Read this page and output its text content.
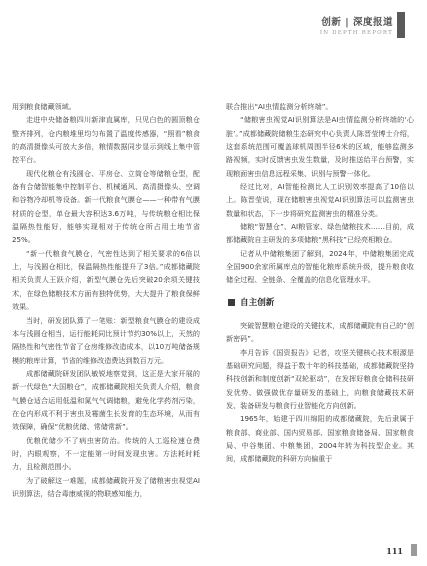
创新 | 深度报道
IN DEPTH REPORT

用到粮食储藏领域。

走进中央储备粮四川新津直属库，只见白色的圆顶粮仓整齐排列，仓内粮堆里均匀布置了温度传感器，“照看”粮食的高清摄像头可放大多倍，粮情数据同步显示到线上集中管控平台。

现代化粮仓有浅圆仓、平房仓、立筒仓等储粮仓型，配备有合储智能集中控制平台、机械通风、高清摄像头、空调和谷物冷却机等设备。新一代粮食气膜仓——一种带有气膜材质的仓型，单仓最大容积达3.6万吨，与传统粮仓相比保温隔热性能好，能够实现相对于传统仓所占用土地节省25%。

“新一代粮食气膜仓，气密性达到了相关要求的6倍以上，与浅圆仓相比，保温隔热性能提升了3倍。”成都储藏院相关负责人王跃介绍，新型气膜仓先后突破20余项关键技术，在绿色储粮技术方面有独特优势，大大提升了粮食保鲜效果。

当时，研发团队算了一笔账：新型粮食气膜仓的建设成本与浅圆仓相当，运行能耗同比预计节约30%以上，天然的隔热性和气密性节省了仓房维修改造成本，以10万吨储备规模的粮库计算，节省的维修改造费达到数百万元。

成都储藏院研发团队敏锐地察觉到，这正是大家开展的新一代绿色“大国粮仓”，成都储藏院相关负责人介绍，粮食气膜仓适合运用低温和氮气气调储粮，避免化学药剂污染，在仓内形成不利于害虫及霉菌生长发育的生态环境，从而有效保障，确保“优粮优储、常储常新”。

优粮优储少不了病虫害防治。传统的人工巡检速仓费时，内眼观察，不一定能第一时间发现虫害。方法耗时耗力，且检测范围小。

为了破解这一难题，成都储藏院开发了储粮害虫视觉AI识别算法，结合毒康威视的物联感知能力，

联合推出“AI虫情监测分析终端”。

“储粮害虫视觉AI识别算法是AI虫情监测分析终端的‘心脏’。”成都储藏院储粮生态研究中心负责人陈晋莹博士介绍，这套系统范围可覆盖球机周围半径6米的区域，能够监测多路视频，实时反馈害虫发生数量，及时推送给平台预警，实现粮面害虫信息远程采集、识别与预警一体化。

经过比对，AI智能检测比人工识别效率提高了10倍以上。陈晋莹说，现在储粮害虫视觉AI识别算法可以监测害虫数量和状态，下一步将研究监测害虫的精准分类。

储粮“智慧仓”、AI粮管家、绿色储粮技术……目前，成都储藏院自主研发的多项储粮“黑科技”已经亮相粮仓。

记者从中储粮集团了解到，2024年，中储粮集团完成全国900余家所属库点的智能化粮库系统升级，提升粮食收储全过程、全链条、全覆盖的信息化管理水平。

自主创新

突破智慧粮仓建设的关键技术，成都储藏院有自己的“创新密码”。

李月告诉《国资报告》记者，攻坚关键核心技术根源是基础研究问题，得益于数十年的科技基础，成都储藏院坚持科技创新和制度创新“双轮驱动”，在发挥好粮食仓储科技研发优势、做强做优存量研发的基础上，向粮食储藏技术研发、装备研发与粮食行业智能化方向创新。

1965年，始建于四川绵阳的成都储藏院，先后隶属于粮食部、商业部、国内贸易部、国家粮食储备局、国家粮食局、中谷集团、中粮集团，2004年转为科技型企业。其间，成都储藏院的科研方向偏重于

111
